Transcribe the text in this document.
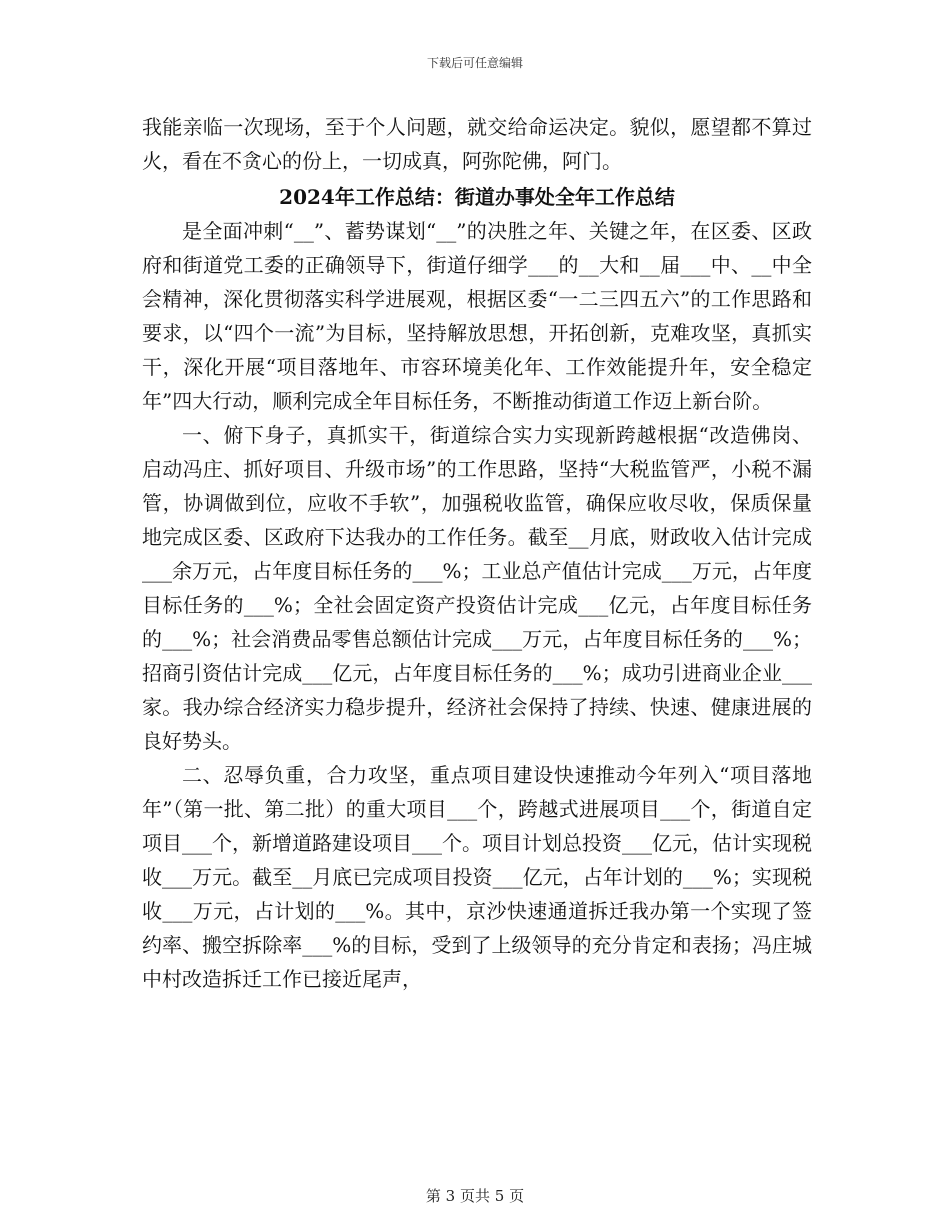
下载后可任意编辑

我能亲临一次现场，至于个人问题，就交给命运决定。貌似，愿望都不算过火，看在不贪心的份上，一切成真，阿弥陀佛，阿门。

2024年工作总结：街道办事处全年工作总结

是全面冲刺“__”、蓄势谋划“__”的决胜之年、关键之年，在区委、区政府和街道党工委的正确领导下，街道仔细学___的__大和__届___中、__中全会精神，深化贯彻落实科学进展观，根据区委“一二三四五六”的工作思路和要求，以“四个一流”为目标，坚持解放思想，开拓创新，克难攻坚，真抓实干，深化开展“项目落地年、市容环境美化年、工作效能提升年，安全稳定年”四大行动，顺利完成全年目标任务，不断推动街道工作迈上新台阶。

一、俯下身子，真抓实干，街道综合实力实现新跨越根据“改造佛岗、启动冯庄、抓好项目、升级市场”的工作思路，坚持“大税监管严，小税不漏管，协调做到位，应收不手软”，加强税收监管，确保应收尽收，保质保量地完成区委、区政府下达我办的工作任务。截至__月底，财政收入估计完成___余万元，占年度目标任务的___%；工业总产值估计完成___万元，占年度目标任务的___%；全社会固定资产投资估计完成___亿元，占年度目标任务的___%；社会消费品零售总额估计完成___万元，占年度目标任务的___%；招商引资估计完成___亿元，占年度目标任务的___%；成功引进商业企业___家。我办综合经济实力稳步提升，经济社会保持了持续、快速、健康进展的良好势头。

二、忍辱负重，合力攻坚，重点项目建设快速推动今年列入“项目落地年”（第一批、第二批）的重大项目___个，跨越式进展项目___个，街道自定项目___个，新增道路建设项目___个。项目计划总投资___亿元，估计实现税收___万元。截至__月底已完成项目投资___亿元，占年计划的___%；实现税收___万元，占计划的___%。其中，京沙快速通道拆迁我办第一个实现了签约率、搬空拆除率___%的目标，受到了上级领导的充分肯定和表扬；冯庄城中村改造拆迁工作已接近尾声，

第 3 页共 5 页
